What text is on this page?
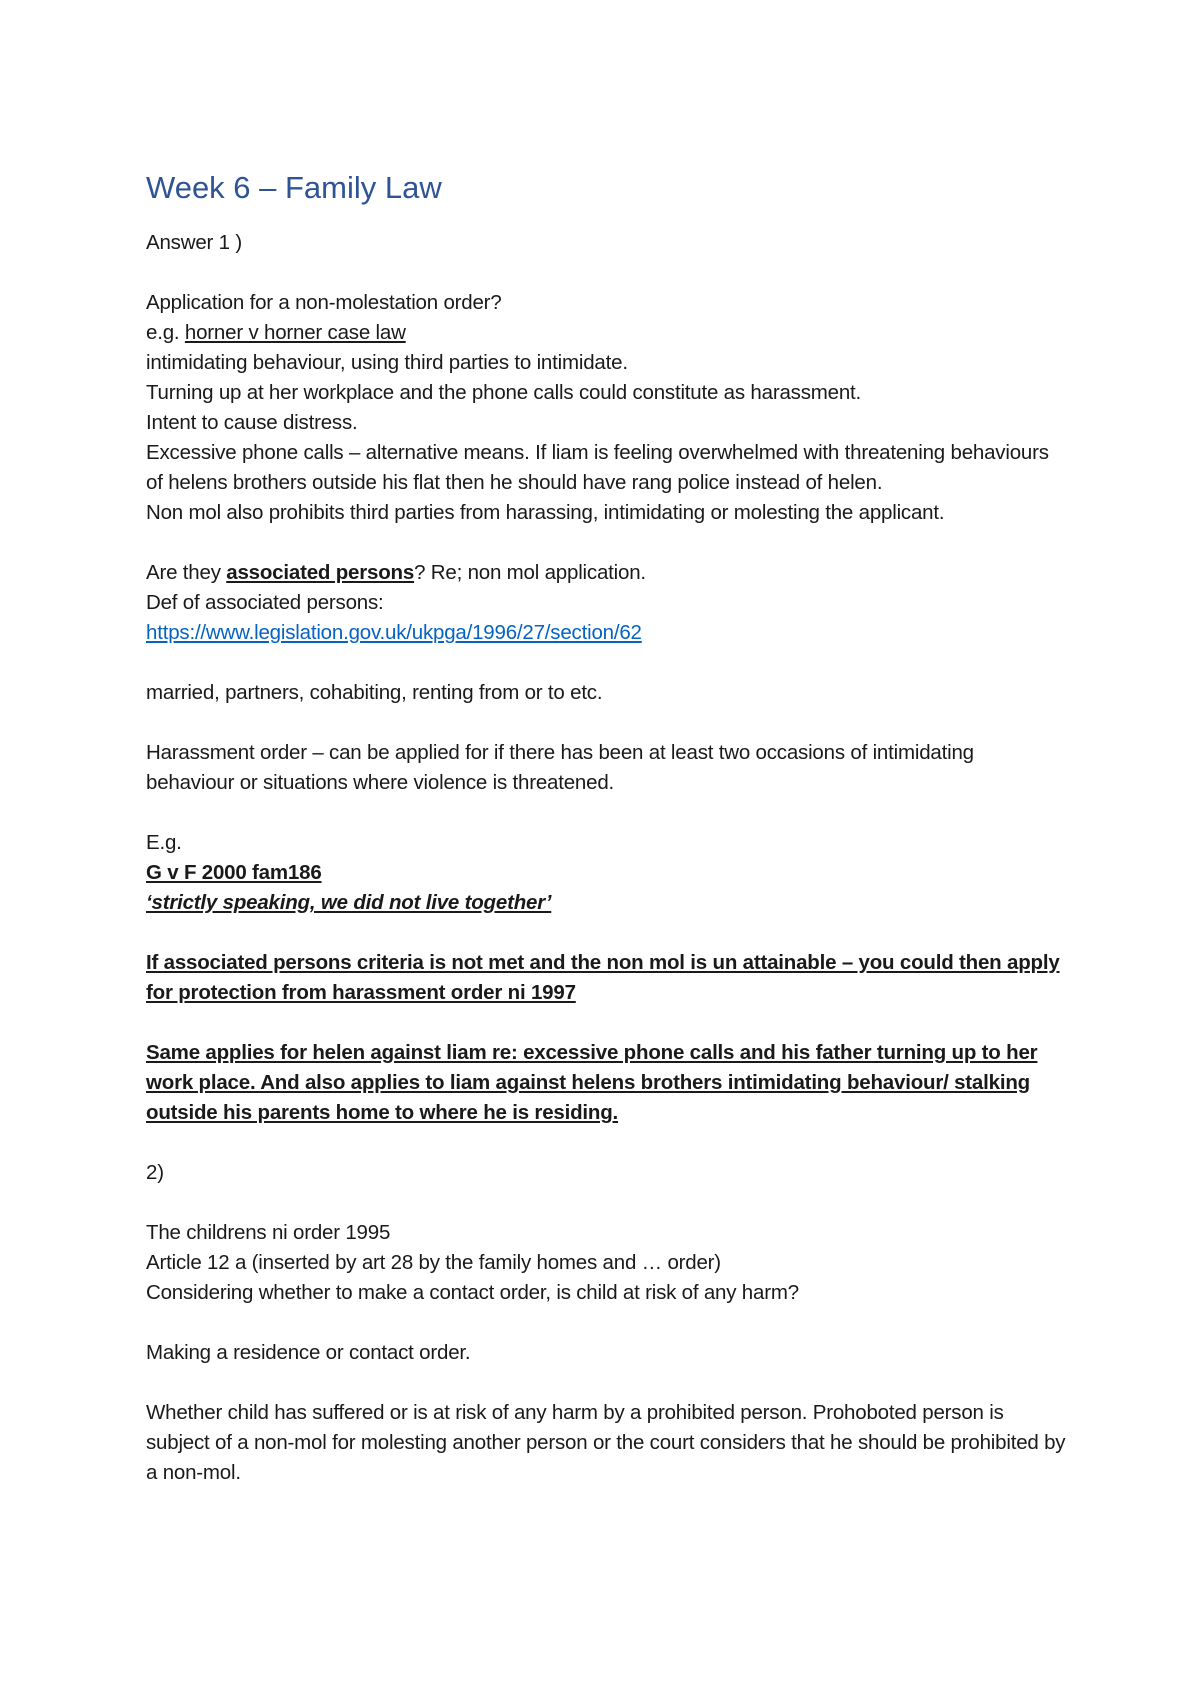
Week 6 – Family Law

Answer 1 )

Application for a non-molestation order?

e.g. horner v horner case law

intimidating behaviour, using third parties to intimidate.

Turning up at her workplace and the phone calls could constitute as harassment.

Intent to cause distress.

Excessive phone calls – alternative means. If liam is feeling overwhelmed with threatening behaviours of helens brothers outside his flat then he should have rang police instead of helen.

Non mol also prohibits third parties from harassing, intimidating or molesting the applicant.

Are they associated persons? Re; non mol application.

Def of associated persons:

https://www.legislation.gov.uk/ukpga/1996/27/section/62

married, partners, cohabiting, renting from or to etc.

Harassment order – can be applied for if there has been at least two occasions of intimidating behaviour or situations where violence is threatened.

E.g.

G v F 2000 fam186

‘strictly speaking, we did not live together’

If associated persons criteria is not met and the non mol is un attainable – you could then apply for protection from harassment order ni 1997

Same applies for helen against liam re: excessive phone calls and his father turning up to her work place. And also applies to liam against helens brothers intimidating behaviour/ stalking outside his parents home to where he is residing.

2)

The childrens ni order 1995

Article 12 a (inserted by art 28 by the family homes and … order)

Considering whether to make a contact order, is child at risk of any harm?

Making a residence or contact order.

Whether child has suffered or is at risk of any harm by a prohibited person. Prohoboted person is subject of a non-mol for molesting another person or the court considers that he should be prohibited by a non-mol.
